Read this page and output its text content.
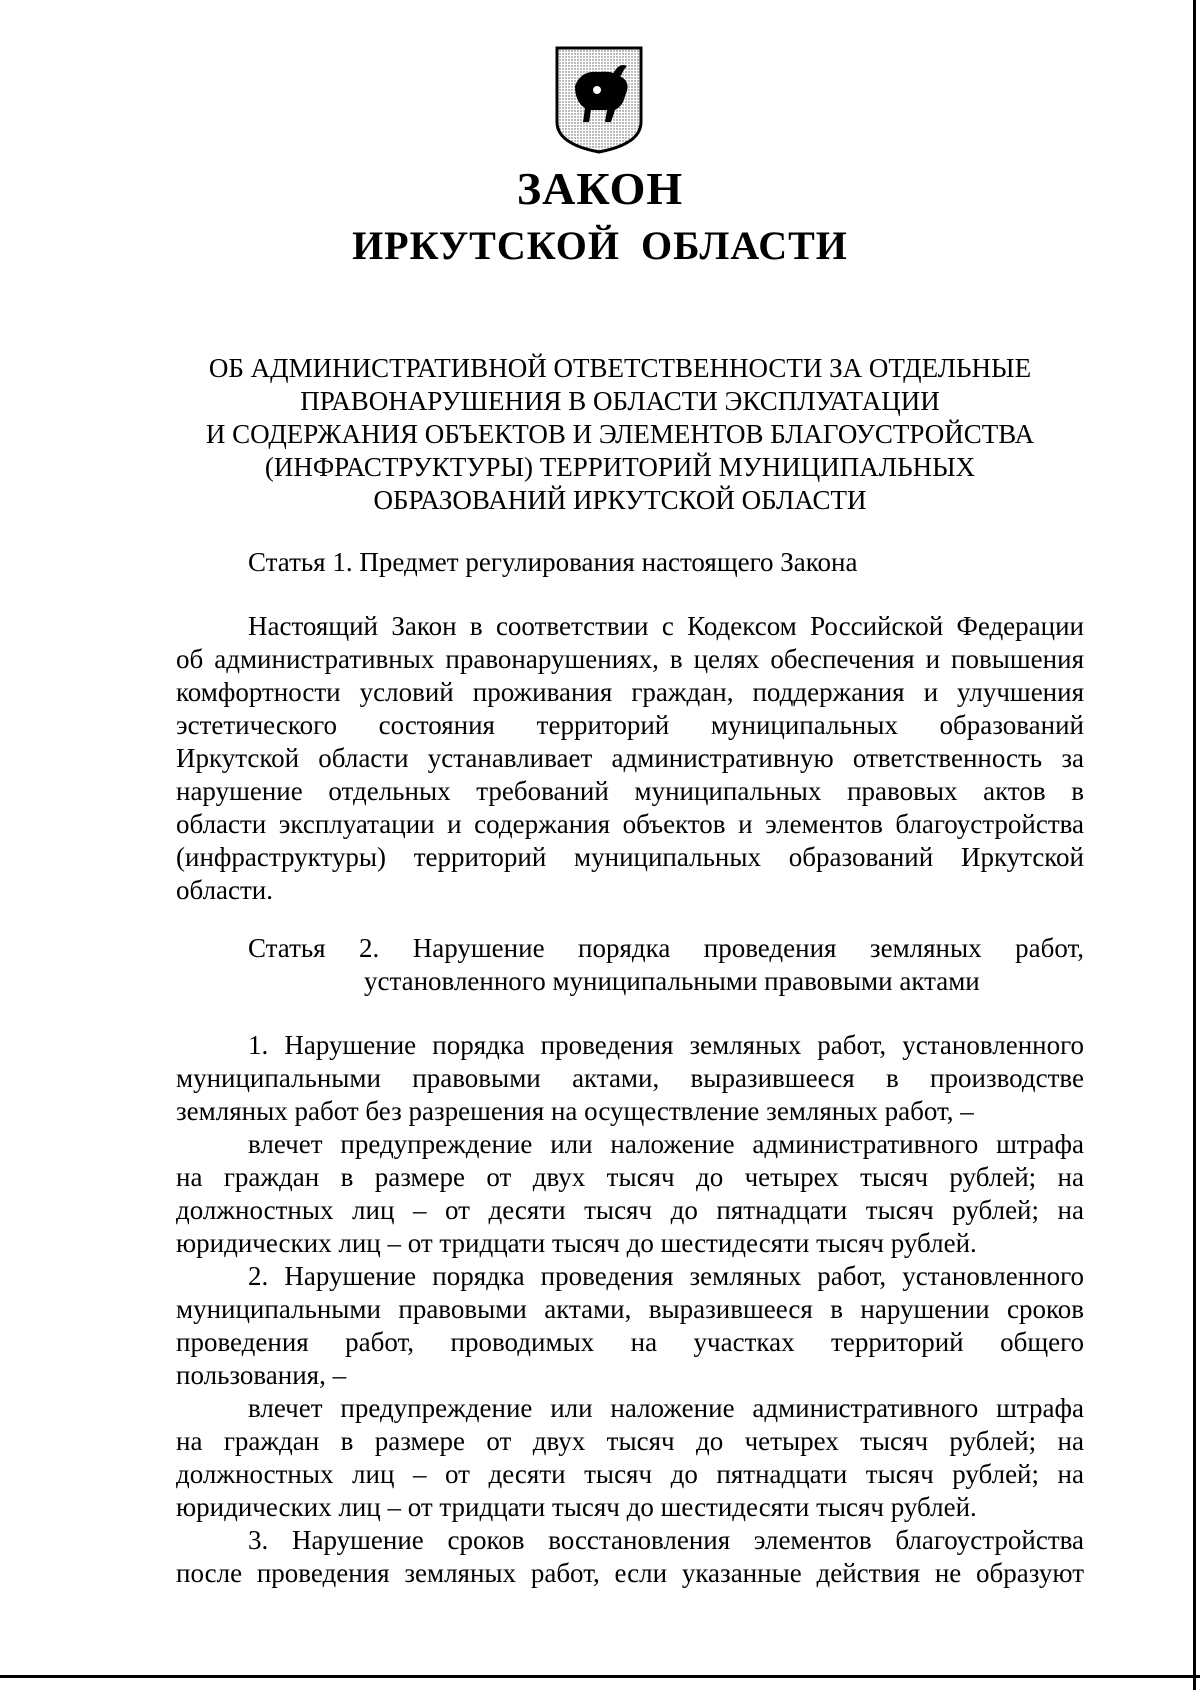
ЗАКОН
ИРКУТСКОЙ ОБЛАСТИ
ОБ АДМИНИСТРАТИВНОЙ ОТВЕТСТВЕННОСТИ ЗА ОТДЕЛЬНЫЕ
ПРАВОНАРУШЕНИЯ В ОБЛАСТИ ЭКСПЛУАТАЦИИ
И СОДЕРЖАНИЯ ОБЪЕКТОВ И ЭЛЕМЕНТОВ БЛАГОУСТРОЙСТВА
(ИНФРАСТРУКТУРЫ) ТЕРРИТОРИЙ МУНИЦИПАЛЬНЫХ
ОБРАЗОВАНИЙ ИРКУТСКОЙ ОБЛАСТИ
Статья 1. Предмет регулирования настоящего Закона
Настоящий Закон в соответствии с Кодексом Российской Федерации
об административных правонарушениях, в целях обеспечения и повышения
комфортности условий проживания граждан, поддержания и улучшения
эстетического состояния территорий муниципальных образований
Иркутской области устанавливает административную ответственность за
нарушение отдельных требований муниципальных правовых актов в
области эксплуатации и содержания объектов и элементов благоустройства
(инфраструктуры) территорий муниципальных образований Иркутской
области.
Статья 2. Нарушение порядка проведения земляных работ,
установленного муниципальными правовыми актами
1. Нарушение порядка проведения земляных работ, установленного
муниципальными правовыми актами, выразившееся в производстве
земляных работ без разрешения на осуществление земляных работ, –
влечет предупреждение или наложение административного штрафа
на граждан в размере от двух тысяч до четырех тысяч рублей; на
должностных лиц – от десяти тысяч до пятнадцати тысяч рублей; на
юридических лиц – от тридцати тысяч до шестидесяти тысяч рублей.
2. Нарушение порядка проведения земляных работ, установленного
муниципальными правовыми актами, выразившееся в нарушении сроков
проведения работ, проводимых на участках территорий общего
пользования, –
влечет предупреждение или наложение административного штрафа
на граждан в размере от двух тысяч до четырех тысяч рублей; на
должностных лиц – от десяти тысяч до пятнадцати тысяч рублей; на
юридических лиц – от тридцати тысяч до шестидесяти тысяч рублей.
3. Нарушение сроков восстановления элементов благоустройства
после проведения земляных работ, если указанные действия не образуют
